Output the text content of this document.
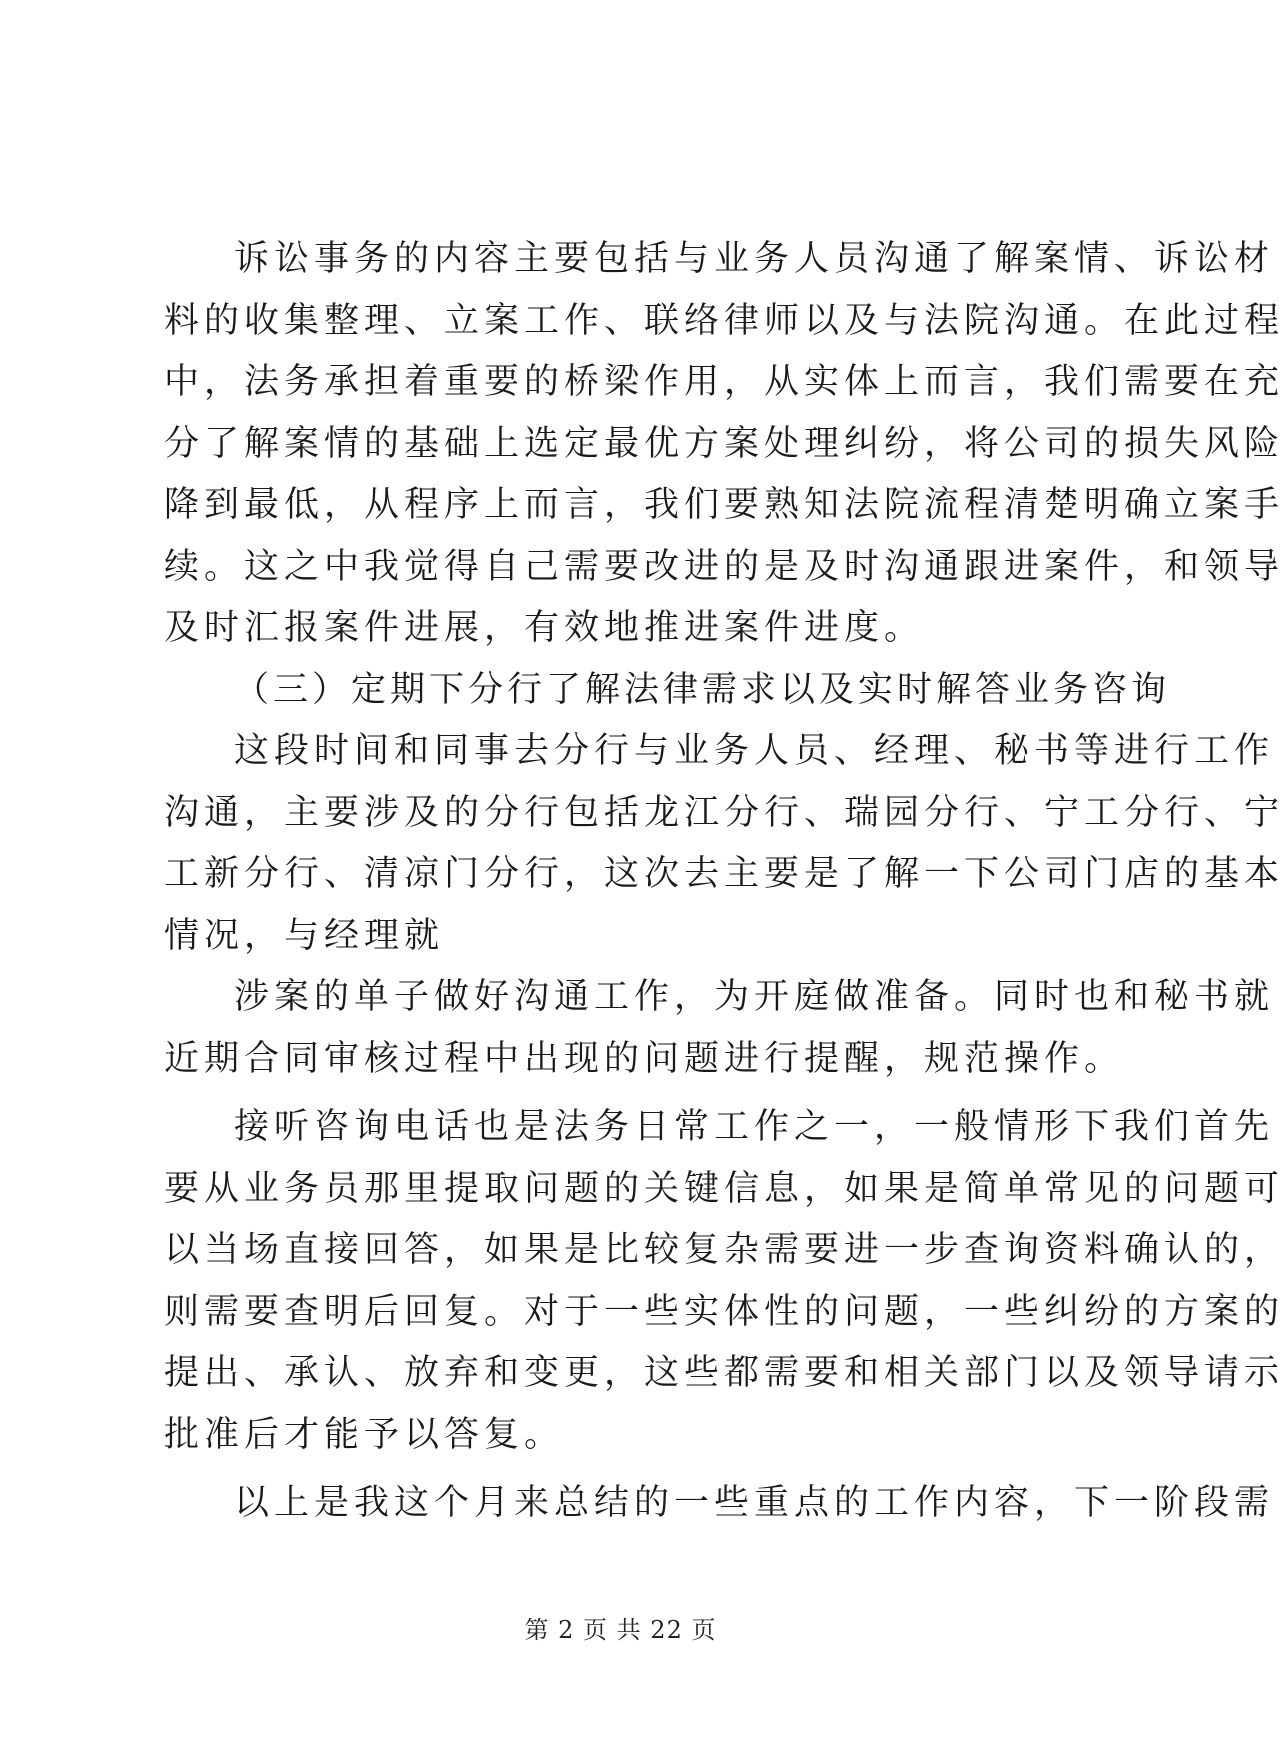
诉讼事务的内容主要包括与业务人员沟通了解案情、诉讼材
料的收集整理、立案工作、联络律师以及与法院沟通。在此过程
中，法务承担着重要的桥梁作用，从实体上而言，我们需要在充
分了解案情的基础上选定最优方案处理纠纷，将公司的损失风险
降到最低，从程序上而言，我们要熟知法院流程清楚明确立案手
续。这之中我觉得自己需要改进的是及时沟通跟进案件，和领导
及时汇报案件进展，有效地推进案件进度。
（三）定期下分行了解法律需求以及实时解答业务咨询
这段时间和同事去分行与业务人员、经理、秘书等进行工作
沟通，主要涉及的分行包括龙江分行、瑞园分行、宁工分行、宁
工新分行、清凉门分行，这次去主要是了解一下公司门店的基本
情况，与经理就
涉案的单子做好沟通工作，为开庭做准备。同时也和秘书就
近期合同审核过程中出现的问题进行提醒，规范操作。
接听咨询电话也是法务日常工作之一，一般情形下我们首先
要从业务员那里提取问题的关键信息，如果是简单常见的问题可
以当场直接回答，如果是比较复杂需要进一步查询资料确认的，
则需要查明后回复。对于一些实体性的问题，一些纠纷的方案的
提出、承认、放弃和变更，这些都需要和相关部门以及领导请示
批准后才能予以答复。
以上是我这个月来总结的一些重点的工作内容，下一阶段需
第 2 页 共 22 页
